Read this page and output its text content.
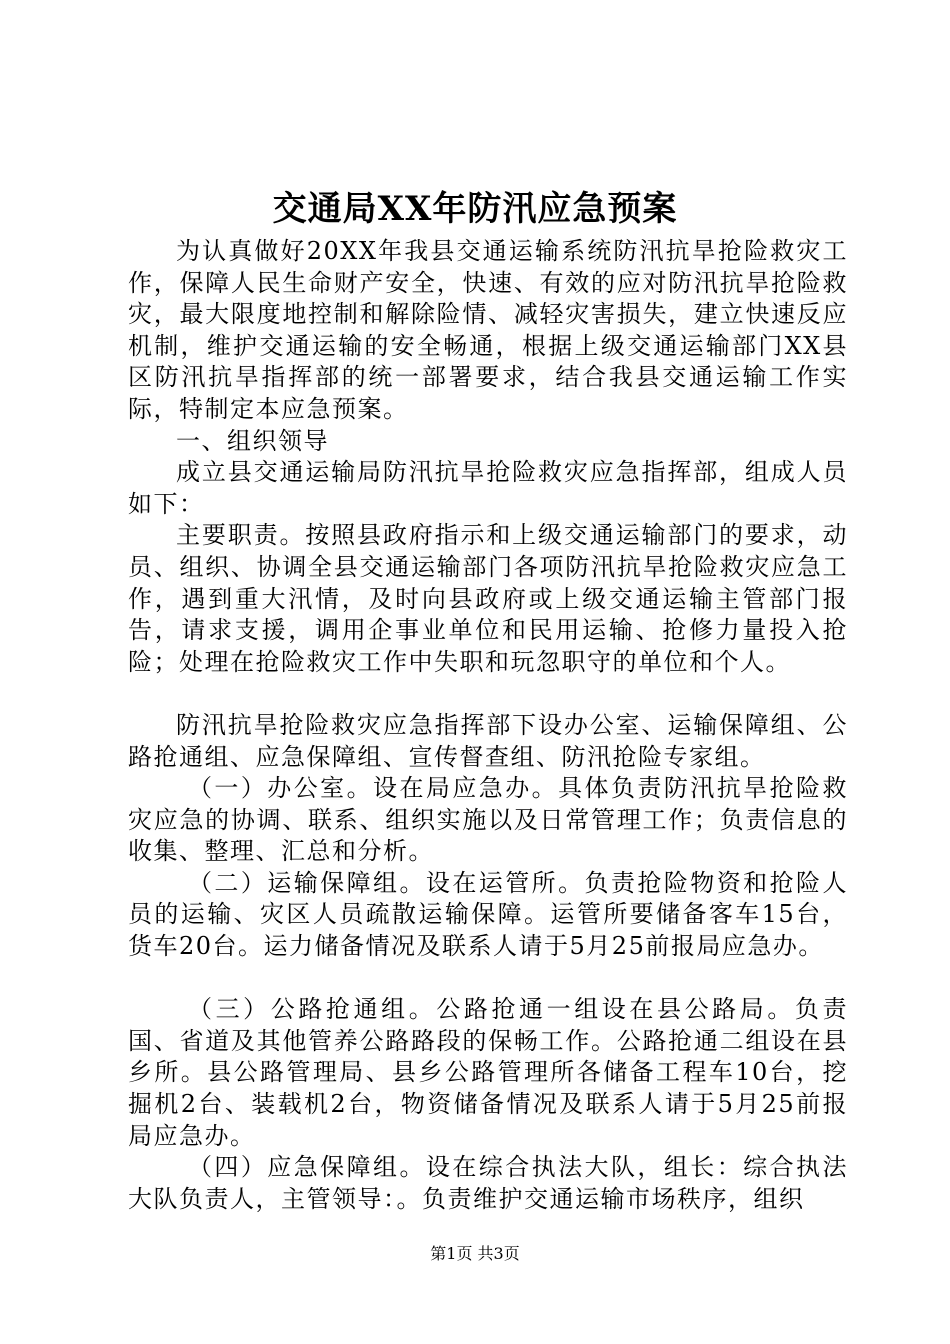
交通局XX年防汛应急预案

为认真做好20XX年我县交通运输系统防汛抗旱抢险救灾工作，保障人民生命财产安全，快速、有效的应对防汛抗旱抢险救灾，最大限度地控制和解除险情、减轻灾害损失，建立快速反应机制，维护交通运输的安全畅通，根据上级交通运输部门XX县区防汛抗旱指挥部的统一部署要求，结合我县交通运输工作实际，特制定本应急预案。

一、组织领导

成立县交通运输局防汛抗旱抢险救灾应急指挥部，组成人员如下：

主要职责。按照县政府指示和上级交通运输部门的要求，动员、组织、协调全县交通运输部门各项防汛抗旱抢险救灾应急工作，遇到重大汛情，及时向县政府或上级交通运输主管部门报告，请求支援，调用企事业单位和民用运输、抢修力量投入抢险；处理在抢险救灾工作中失职和玩忽职守的单位和个人。

防汛抗旱抢险救灾应急指挥部下设办公室、运输保障组、公路抢通组、应急保障组、宣传督查组、防汛抢险专家组。

（一）办公室。设在局应急办。具体负责防汛抗旱抢险救灾应急的协调、联系、组织实施以及日常管理工作；负责信息的收集、整理、汇总和分析。

（二）运输保障组。设在运管所。负责抢险物资和抢险人员的运输、灾区人员疏散运输保障。运管所要储备客车15台，货车20台。运力储备情况及联系人请于5月25前报局应急办。

（三）公路抢通组。公路抢通一组设在县公路局。负责国、省道及其他管养公路路段的保畅工作。公路抢通二组设在县乡所。县公路管理局、县乡公路管理所各储备工程车10台，挖掘机2台、装载机2台，物资储备情况及联系人请于5月25前报局应急办。

（四）应急保障组。设在综合执法大队，组长：综合执法大队负责人，主管领导：。负责维护交通运输市场秩序，组织

第1页 共3页
